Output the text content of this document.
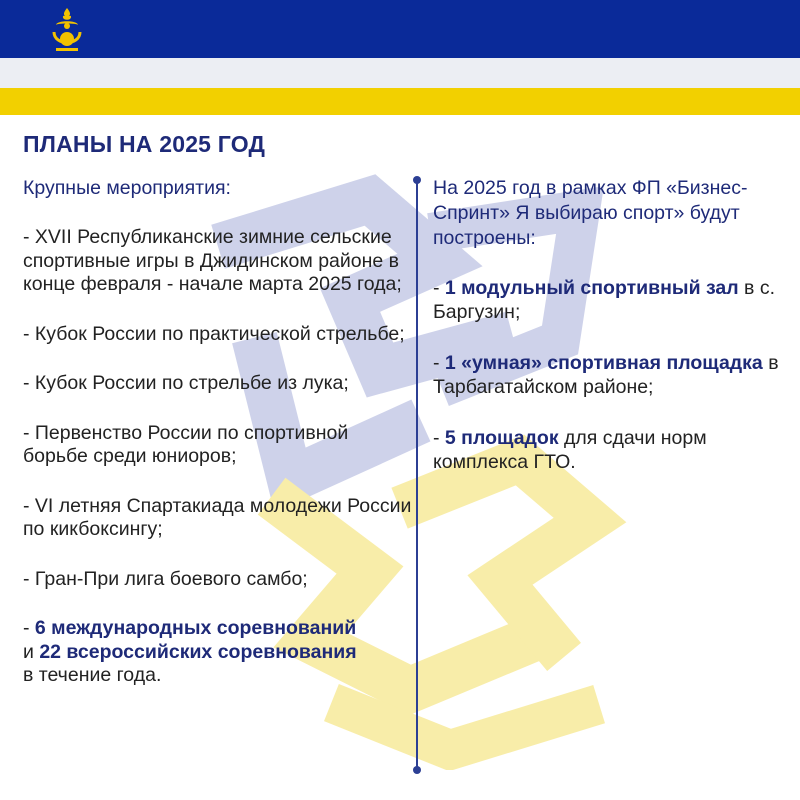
ПЛАНЫ НА 2025 ГОД
Крупные мероприятия:
- XVII Республиканские зимние сельские спортивные игры в Джидинском районе в конце февраля - начале марта 2025 года;
- Кубок России по практической стрельбе;
- Кубок России по стрельбе из лука;
- Первенство России по спортивной борьбе среди юниоров;
- VI летняя Спартакиада молодежи России по кикбоксингу;
- Гран-При лига боевого самбо;
- 6 международных соревнований
и 22 всероссийских соревнования
в течение года.
На 2025 год в рамках ФП «Бизнес-Спринт» Я выбираю спорт» будут построены:
- 1 модульный спортивный зал в с. Баргузин;
- 1 «умная» спортивная площадка в Тарбагатайском районе;
- 5 площадок для сдачи норм комплекса ГТО.
